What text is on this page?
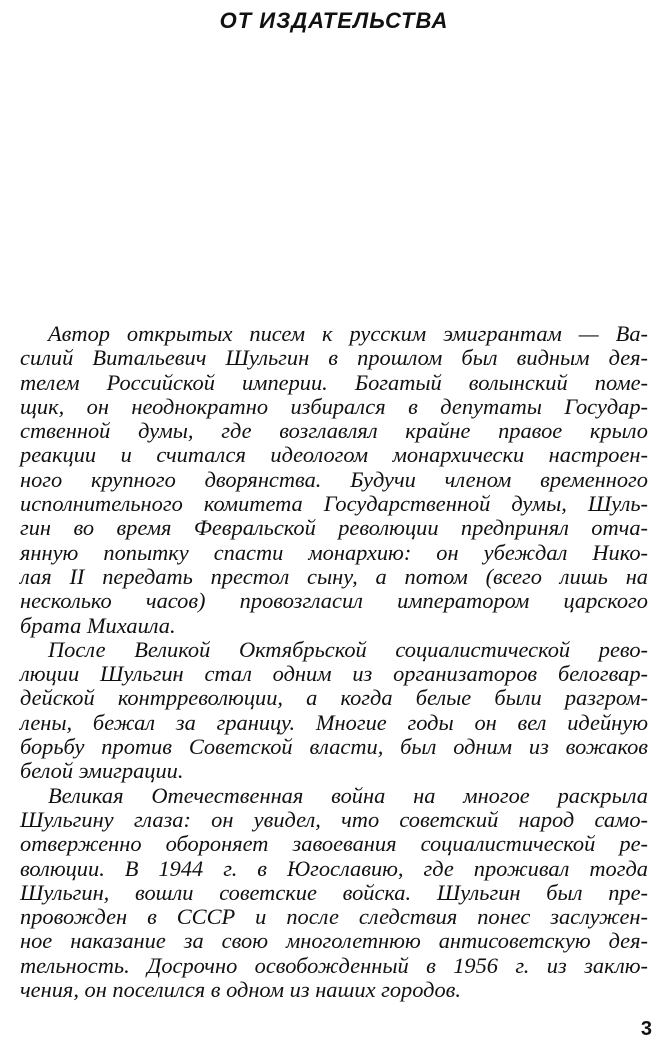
ОТ ИЗДАТЕЛЬСТВА
Автор открытых писем к русским эмигрантам — Ва-
силий Витальевич Шульгин в прошлом был видным дея-
телем Российской империи. Богатый волынский поме-
щик, он неоднократно избирался в депутаты Государ-
ственной думы, где возглавлял крайне правое крыло
реакции и считался идеологом монархически настроен-
ного крупного дворянства. Будучи членом временного
исполнительного комитета Государственной думы, Шуль-
гин во время Февральской революции предпринял отча-
янную попытку спасти монархию: он убеждал Нико-
лая II передать престол сыну, а потом (всего лишь на
несколько часов) провозгласил императором царского
брата Михаила.
После Великой Октябрьской социалистической рево-
люции Шульгин стал одним из организаторов белогвар-
дейской контрреволюции, а когда белые были разгром-
лены, бежал за границу. Многие годы он вел идейную
борьбу против Советской власти, был одним из вожаков
белой эмиграции.
Великая Отечественная война на многое раскрыла
Шульгину глаза: он увидел, что советский народ само-
отверженно обороняет завоевания социалистической ре-
волюции. В 1944 г. в Югославию, где проживал тогда
Шульгин, вошли советские войска. Шульгин был пре-
провожден в СССР и после следствия понес заслужен-
ное наказание за свою многолетнюю антисоветскую дея-
тельность. Досрочно освобожденный в 1956 г. из заклю-
чения, он поселился в одном из наших городов.
3
